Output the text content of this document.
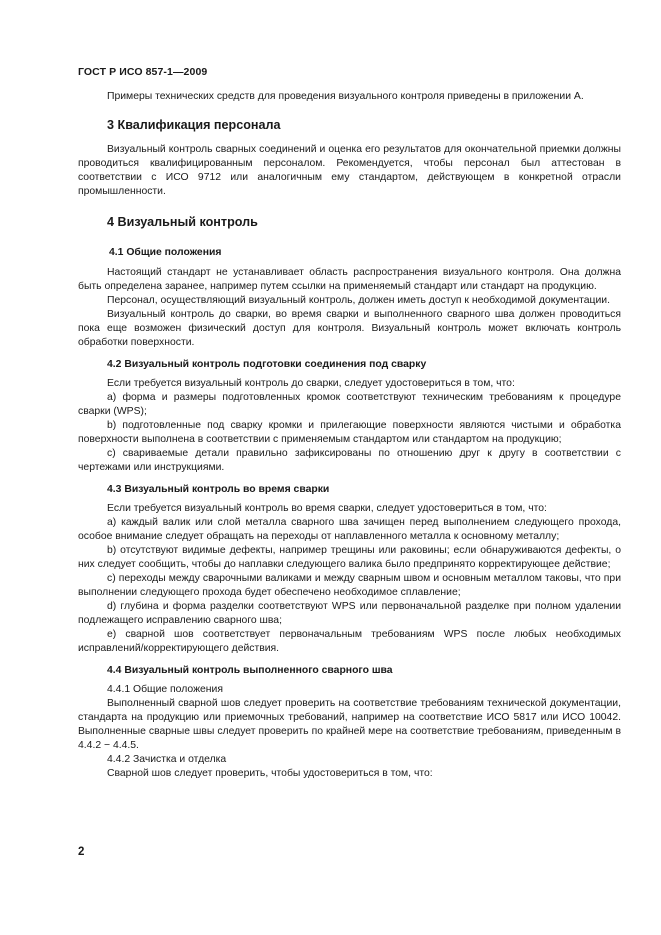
ГОСТ Р ИСО 857-1—2009

Примеры технических средств для проведения визуального контроля приведены в приложении А.

3 Квалификация персонала

Визуальный контроль сварных соединений и оценка его результатов для окончательной приемки должны проводиться квалифицированным персоналом. Рекомендуется, чтобы персонал был аттестован в соответствии с ИСО 9712 или аналогичным ему стандартом, действующем в конкретной отрасли промышленности.

4 Визуальный контроль
4.1 Общие положения

Настоящий стандарт не устанавливает область распространения визуального контроля. Она должна быть определена заранее, например путем ссылки на применяемый стандарт или стандарт на продукцию.

Персонал, осуществляющий визуальный контроль, должен иметь доступ к необходимой документации.

Визуальный контроль до сварки, во время сварки и выполненного сварного шва должен проводиться пока еще возможен физический доступ для контроля. Визуальный контроль может включать контроль обработки поверхности.

4.2 Визуальный контроль подготовки соединения под сварку

Если требуется визуальный контроль до сварки, следует удостовериться в том, что:

а) форма и размеры подготовленных кромок соответствуют техническим требованиям к процедуре сварки (WPS);

b) подготовленные под сварку кромки и прилегающие поверхности являются чистыми и обработка поверхности выполнена в соответствии с применяемым стандартом или стандартом на продукцию;

с) свариваемые детали правильно зафиксированы по отношению друг к другу в соответствии с чертежами или инструкциями.

4.3 Визуальный контроль во время сварки

Если требуется визуальный контроль во время сварки, следует удостовериться в том, что:

а) каждый валик или слой металла сварного шва зачищен перед выполнением следующего прохода, особое внимание следует обращать на переходы от наплавленного металла к основному металлу;

b) отсутствуют видимые дефекты, например трещины или раковины; если обнаруживаются дефекты, о них следует сообщить, чтобы до наплавки следующего валика было предпринято корректирующее действие;

с) переходы между сварочными валиками и между сварным швом и основным металлом таковы, что при выполнении следующего прохода будет обеспечено необходимое сплавление;

d) глубина и форма разделки соответствуют WPS или первоначальной разделке при полном удалении подлежащего исправлению сварного шва;

е) сварной шов соответствует первоначальным требованиям WPS после любых необходимых исправлений/корректирующего действия.

4.4 Визуальный контроль выполненного сварного шва
4.4.1 Общие положения

Выполненный сварной шов следует проверить на соответствие требованиям технической документации, стандарта на продукцию или приемочных требований, например на соответствие ИСО 5817 или ИСО 10042. Выполненные сварные швы следует проверить по крайней мере на соответствие требованиям, приведенным в 4.4.2 − 4.4.5.

4.4.2 Зачистка и отделка

Сварной шов следует проверить, чтобы удостовериться в том, что:

2
